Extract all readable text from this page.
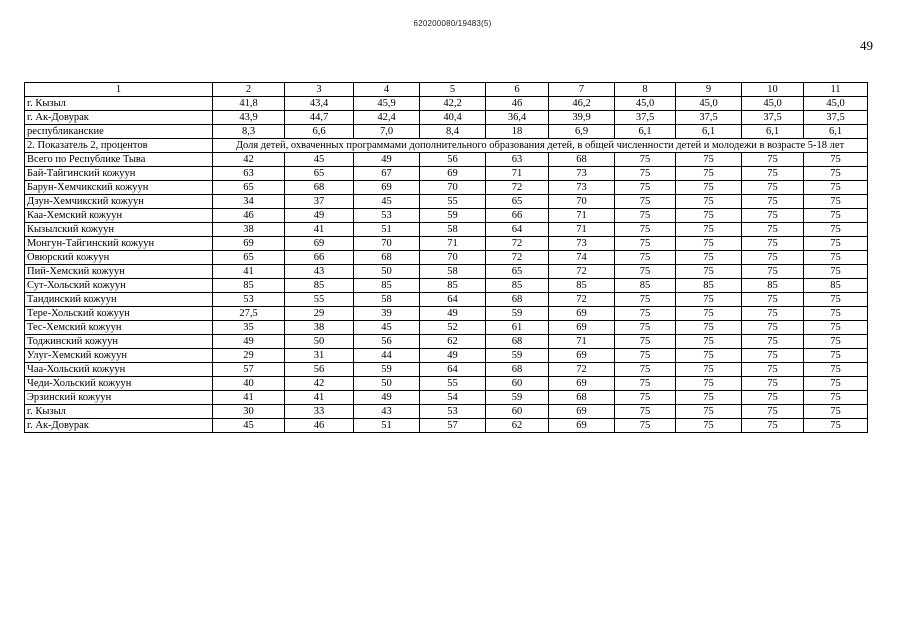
620200080/19483(5)
49
1	2	3	4	5	6	7	8	9	10	11
г. Кызыл	41,8	43,4	45,9	42,2	46	46,2	45,0	45,0	45,0	45,0
г. Ак-Довурак	43,9	44,7	42,4	40,4	36,4	39,9	37,5	37,5	37,5	37,5
республиканские	8,3	6,6	7,0	8,4	18	6,9	6,1	6,1	6,1	6,1
2. Показатель 2, процентов	Доля детей, охваченных программами дополнительного образования детей, в общей численности детей и молодежи в возрасте 5-18 лет									
Всего по Республике Тыва	42	45	49	56	63	68	75	75	75	75
Бай-Тайгинский кожуун	63	65	67	69	71	73	75	75	75	75
Барун-Хемчикский кожуун	65	68	69	70	72	73	75	75	75	75
Дзун-Хемчикский кожуун	34	37	45	55	65	70	75	75	75	75
Каа-Хемский кожуун	46	49	53	59	66	71	75	75	75	75
Кызылский кожуун	38	41	51	58	64	71	75	75	75	75
Монгун-Тайгинский кожуун	69	69	70	71	72	73	75	75	75	75
Овюрский кожуун	65	66	68	70	72	74	75	75	75	75
Пий-Хемский кожуун	41	43	50	58	65	72	75	75	75	75
Сут-Хольский кожуун	85	85	85	85	85	85	85	85	85	85
Тандинский кожуун	53	55	58	64	68	72	75	75	75	75
Тере-Хольский кожуун	27,5	29	39	49	59	69	75	75	75	75
Тес-Хемский кожуун	35	38	45	52	61	69	75	75	75	75
Тоджинский кожуун	49	50	56	62	68	71	75	75	75	75
Улуг-Хемский кожуун	29	31	44	49	59	69	75	75	75	75
Чаа-Хольский кожуун	57	56	59	64	68	72	75	75	75	75
Чеди-Хольский кожуун	40	42	50	55	60	69	75	75	75	75
Эрзинский кожуун	41	41	49	54	59	68	75	75	75	75
г. Кызыл	30	33	43	53	60	69	75	75	75	75
г. Ак-Довурак	45	46	51	57	62	69	75	75	75	75
